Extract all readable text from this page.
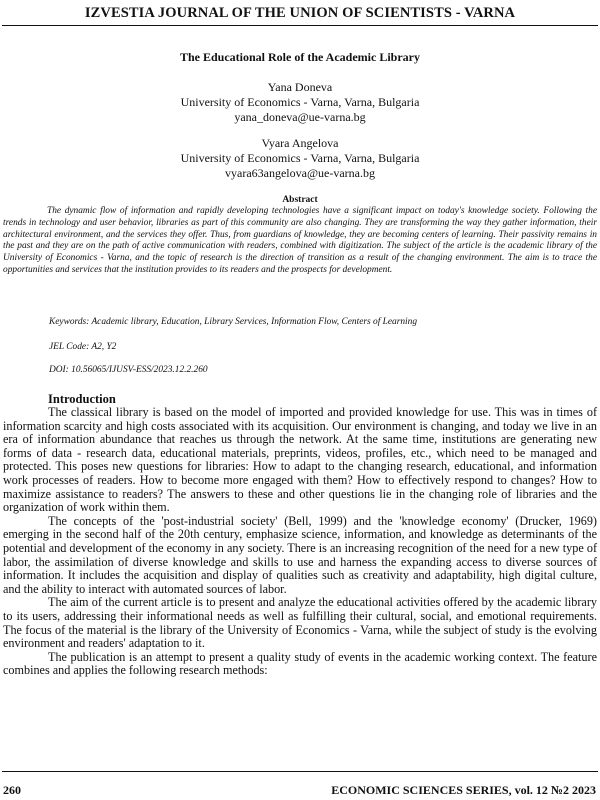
IZVESTIA JOURNAL OF THE UNION OF SCIENTISTS - VARNA
The Educational Role of the Academic Library
Yana Doneva
University of Economics - Varna, Varna, Bulgaria
yana_doneva@ue-varna.bg
Vyara Angelova
University of Economics - Varna, Varna, Bulgaria
vyara63angelova@ue-varna.bg
Abstract

The dynamic flow of information and rapidly developing technologies have a significant impact on today's knowledge society. Following the trends in technology and user behavior, libraries as part of this community are also changing. They are transforming the way they gather information, their architectural environment, and the services they offer. Thus, from guardians of knowledge, they are becoming centers of learning. Their passivity remains in the past and they are on the path of active communication with readers, combined with digitization. The subject of the article is the academic library of the University of Economics - Varna, and the topic of research is the direction of transition as a result of the changing environment. The aim is to trace the opportunities and services that the institution provides to its readers and the prospects for development.

Keywords: Academic library, Education, Library Services, Information Flow, Centers of Learning
JEL Code: A2, Y2
DOI: 10.56065/IJUSV-ESS/2023.12.2.260
Introduction

The classical library is based on the model of imported and provided knowledge for use. This was in times of information scarcity and high costs associated with its acquisition. Our environment is changing, and today we live in an era of information abundance that reaches us through the network. At the same time, institutions are generating new forms of data - research data, educational materials, preprints, videos, profiles, etc., which need to be managed and protected. This poses new questions for libraries: How to adapt to the changing research, educational, and information work processes of readers. How to become more engaged with them? How to effectively respond to changes? How to maximize assistance to readers? The answers to these and other questions lie in the changing role of libraries and the organization of work within them.

The concepts of the 'post-industrial society' (Bell, 1999) and the 'knowledge economy' (Drucker, 1969) emerging in the second half of the 20th century, emphasize science, information, and knowledge as determinants of the potential and development of the economy in any society. There is an increasing recognition of the need for a new type of labor, the assimilation of diverse knowledge and skills to use and harness the expanding access to diverse sources of information. It includes the acquisition and display of qualities such as creativity and adaptability, high digital culture, and the ability to interact with automated sources of labor.

The aim of the current article is to present and analyze the educational activities offered by the academic library to its users, addressing their informational needs as well as fulfilling their cultural, social, and emotional requirements. The focus of the material is the library of the University of Economics - Varna, while the subject of study is the evolving environment and readers' adaptation to it.

The publication is an attempt to present a quality study of events in the academic working context. The feature combines and applies the following research methods:

260	ECONOMIC SCIENCES SERIES, vol. 12 №2 2023
